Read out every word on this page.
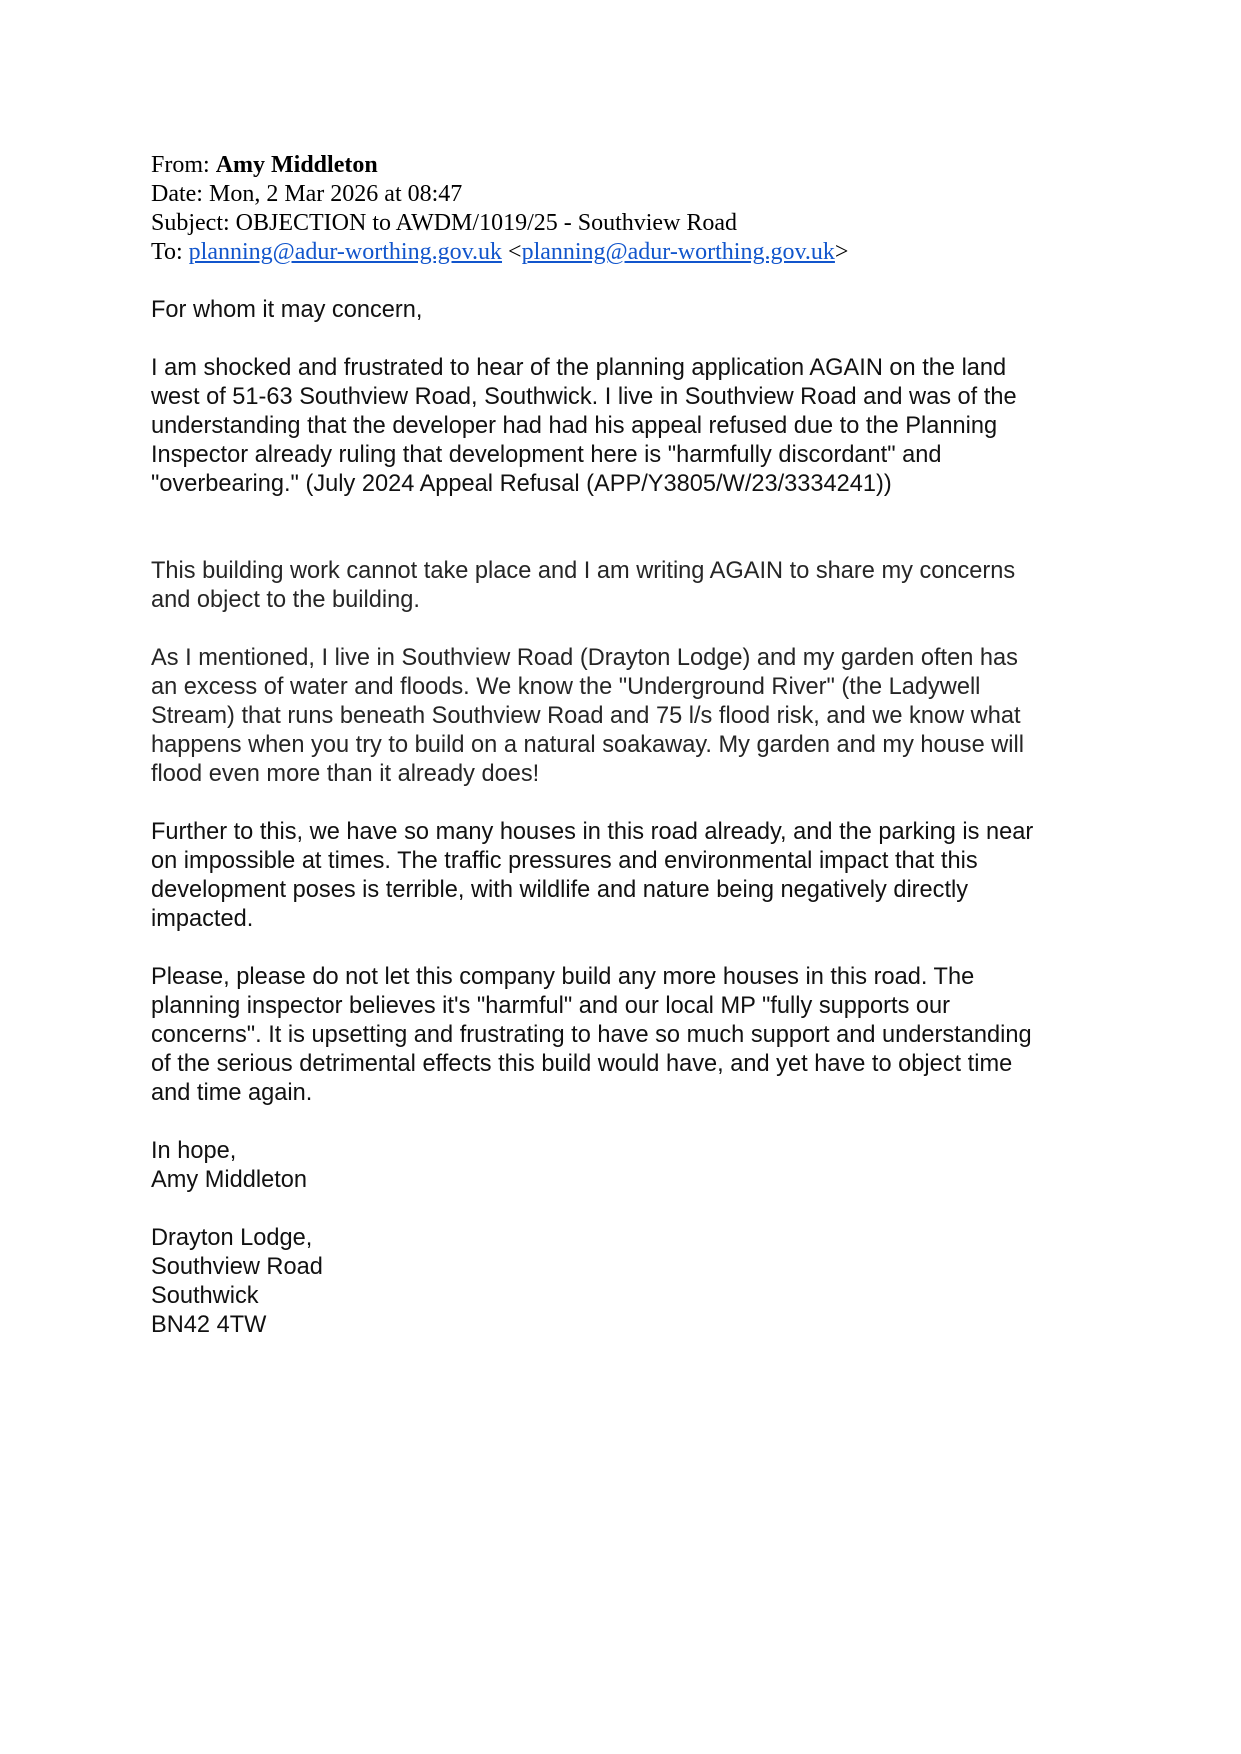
From: Amy Middleton
Date: Mon, 2 Mar 2026 at 08:47
Subject: OBJECTION to AWDM/1019/25 - Southview Road
To: planning@adur-worthing.gov.uk <planning@adur-worthing.gov.uk>
For whom it may concern,
I am shocked and frustrated to hear of the planning application AGAIN on the land
west of 51-63 Southview Road, Southwick. I live in Southview Road and was of the
understanding that the developer had had his appeal refused due to the Planning
Inspector already ruling that development here is "harmfully discordant" and
"overbearing." (July 2024 Appeal Refusal (APP/Y3805/W/23/3334241))
This building work cannot take place and I am writing AGAIN to share my concerns
and object to the building.
As I mentioned, I live in Southview Road (Drayton Lodge) and my garden often has
an excess of water and floods. We know the "Underground River" (the Ladywell
Stream) that runs beneath Southview Road and 75 l/s flood risk, and we know what
happens when you try to build on a natural soakaway. My garden and my house will
flood even more than it already does!
Further to this, we have so many houses in this road already, and the parking is near
on impossible at times. The traffic pressures and environmental impact that this
development poses is terrible, with wildlife and nature being negatively directly
impacted.
Please, please do not let this company build any more houses in this road. The
planning inspector believes it's "harmful" and our local MP "fully supports our
concerns". It is upsetting and frustrating to have so much support and understanding
of the serious detrimental effects this build would have, and yet have to object time
and time again.
In hope,
Amy Middleton
Drayton Lodge,
Southview Road
Southwick
BN42 4TW
